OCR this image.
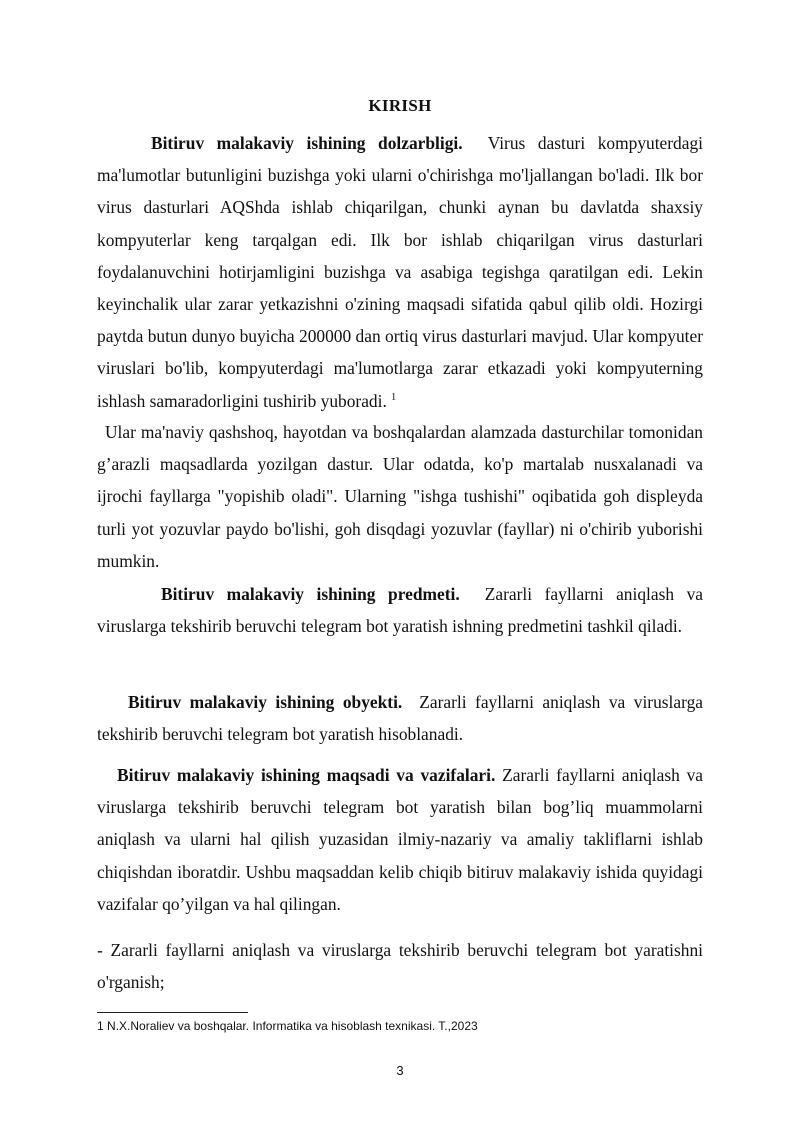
KIRISH

Bitiruv malakaviy ishining dolzarbligi. Virus dasturi kompyuterdagi ma'lumotlar butunligini buzishga yoki ularni o'chirishga mo'ljallangan bo'ladi. Ilk bor virus dasturlari AQShda ishlab chiqarilgan, chunki aynan bu davlatda shaxsiy kompyuterlar keng tarqalgan edi. Ilk bor ishlab chiqarilgan virus dasturlari foydalanuvchini hotirjamligini buzishga va asabiga tegishga qaratilgan edi. Lekin keyinchalik ular zarar yetkazishni o'zining maqsadi sifatida qabul qilib oldi. Hozirgi paytda butun dunyo buyicha 200000 dan ortiq virus dasturlari mavjud. Ular kompyuter viruslari bo'lib, kompyuterdagi ma'lumotlarga zarar etkazadi yoki kompyuterning ishlash samaradorligini tushirib yuboradi. $^1$

Ular ma'naviy qashshoq, hayotdan va boshqalardan alamzada dasturchilar tomonidan g’arazli maqsadlarda yozilgan dastur. Ular odatda, ko'p martalab nusxalanadi va ijrochi fayllarga "yopishib oladi". Ularning "ishga tushishi" oqibatida goh displeyda turli yot yozuvlar paydo bo'lishi, goh disqdagi yozuvlar (fayllar) ni o'chirib yuborishi mumkin.

Bitiruv malakaviy ishining predmeti. Zararli fayllarni aniqlash va viruslarga tekshirib beruvchi telegram bot yaratish ishning predmetini tashkil qiladi.

Bitiruv malakaviy ishining obyekti. Zararli fayllarni aniqlash va viruslarga tekshirib beruvchi telegram bot yaratish hisoblanadi.

Bitiruv malakaviy ishining maqsadi va vazifalari. Zararli fayllarni aniqlash va viruslarga tekshirib beruvchi telegram bot yaratish bilan bog’liq muammolarni aniqlash va ularni hal qilish yuzasidan ilmiy-nazariy va amaliy takliflarni ishlab chiqishdan iboratdir. Ushbu maqsaddan kelib chiqib bitiruv malakaviy ishida quyidagi vazifalar qo’yilgan va hal qilingan.

- Zararli fayllarni aniqlash va viruslarga tekshirib beruvchi telegram bot yaratishni o'rganish;

1 N.X.Noraliev va boshqalar. Informatika va hisoblash texnikasi. T.,2023
3
